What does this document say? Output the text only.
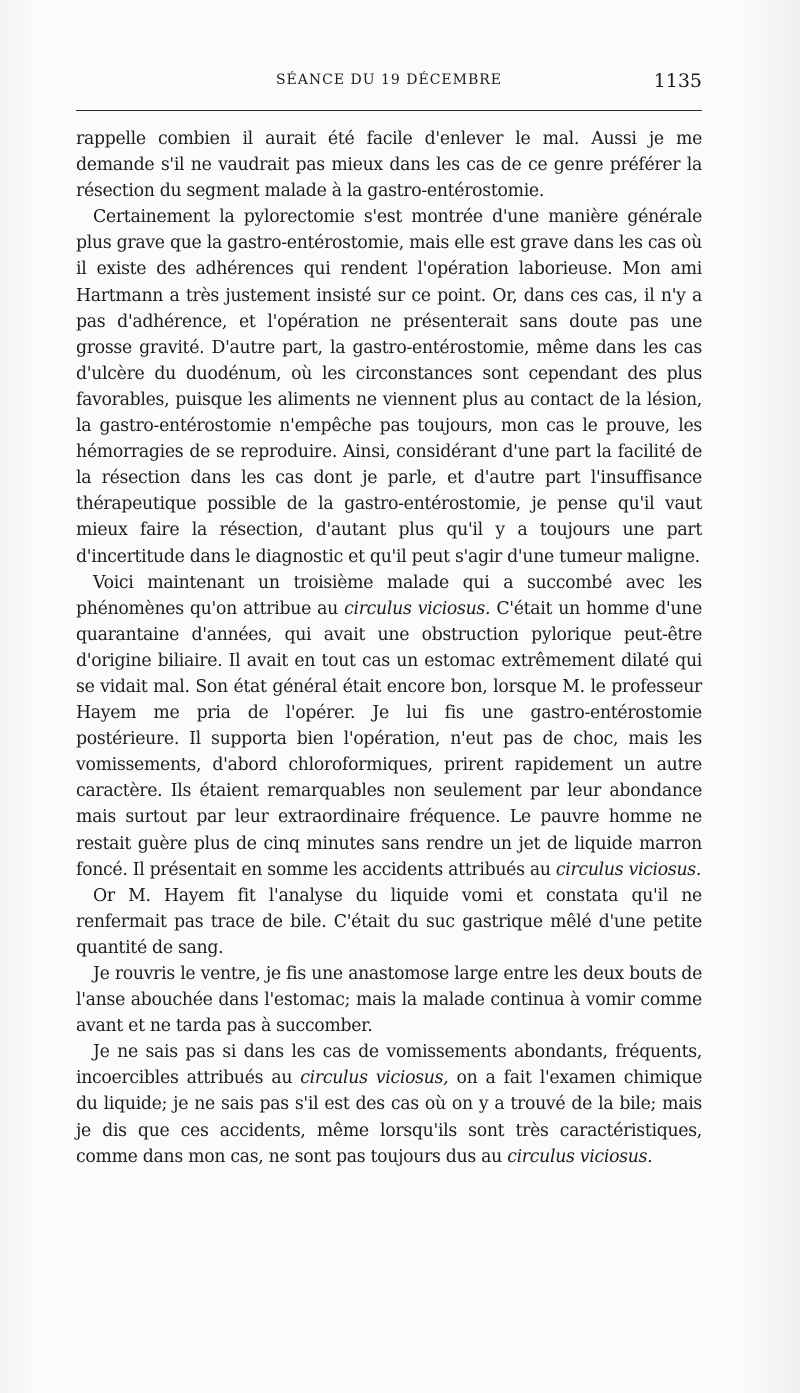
SÉANCE DU 19 DÉCEMBRE	1135

rappelle combien il aurait été facile d'enlever le mal. Aussi je me demande s'il ne vaudrait pas mieux dans les cas de ce genre préférer la résection du segment malade à la gastro-entérostomie.

Certainement la pylorectomie s'est montrée d'une manière générale plus grave que la gastro-entérostomie, mais elle est grave dans les cas où il existe des adhérences qui rendent l'opération laborieuse. Mon ami Hartmann a très justement insisté sur ce point. Or, dans ces cas, il n'y a pas d'adhérence, et l'opération ne présenterait sans doute pas une grosse gravité. D'autre part, la gastro-entérostomie, même dans les cas d'ulcère du duodénum, où les circonstances sont cependant des plus favorables, puisque les aliments ne viennent plus au contact de la lésion, la gastro-entérostomie n'empêche pas toujours, mon cas le prouve, les hémorragies de se reproduire. Ainsi, considérant d'une part la facilité de la résection dans les cas dont je parle, et d'autre part l'insuffisance thérapeutique possible de la gastro-entérostomie, je pense qu'il vaut mieux faire la résection, d'autant plus qu'il y a toujours une part d'incertitude dans le diagnostic et qu'il peut s'agir d'une tumeur maligne.

Voici maintenant un troisième malade qui a succombé avec les phénomènes qu'on attribue au circulus viciosus. C'était un homme d'une quarantaine d'années, qui avait une obstruction pylorique peut-être d'origine biliaire. Il avait en tout cas un estomac extrêmement dilaté qui se vidait mal. Son état général était encore bon, lorsque M. le professeur Hayem me pria de l'opérer. Je lui fis une gastro-entérostomie postérieure. Il supporta bien l'opération, n'eut pas de choc, mais les vomissements, d'abord chloroformiques, prirent rapidement un autre caractère. Ils étaient remarquables non seulement par leur abondance mais surtout par leur extraordinaire fréquence. Le pauvre homme ne restait guère plus de cinq minutes sans rendre un jet de liquide marron foncé. Il présentait en somme les accidents attribués au circulus viciosus.

Or M. Hayem fit l'analyse du liquide vomi et constata qu'il ne renfermait pas trace de bile. C'était du suc gastrique mêlé d'une petite quantité de sang.

Je rouvris le ventre, je fis une anastomose large entre les deux bouts de l'anse abouchée dans l'estomac; mais la malade continua à vomir comme avant et ne tarda pas à succomber.

Je ne sais pas si dans les cas de vomissements abondants, fréquents, incoercibles attribués au circulus viciosus, on a fait l'examen chimique du liquide; je ne sais pas s'il est des cas où on y a trouvé de la bile; mais je dis que ces accidents, même lorsqu'ils sont très caractéristiques, comme dans mon cas, ne sont pas toujours dus au circulus viciosus.
